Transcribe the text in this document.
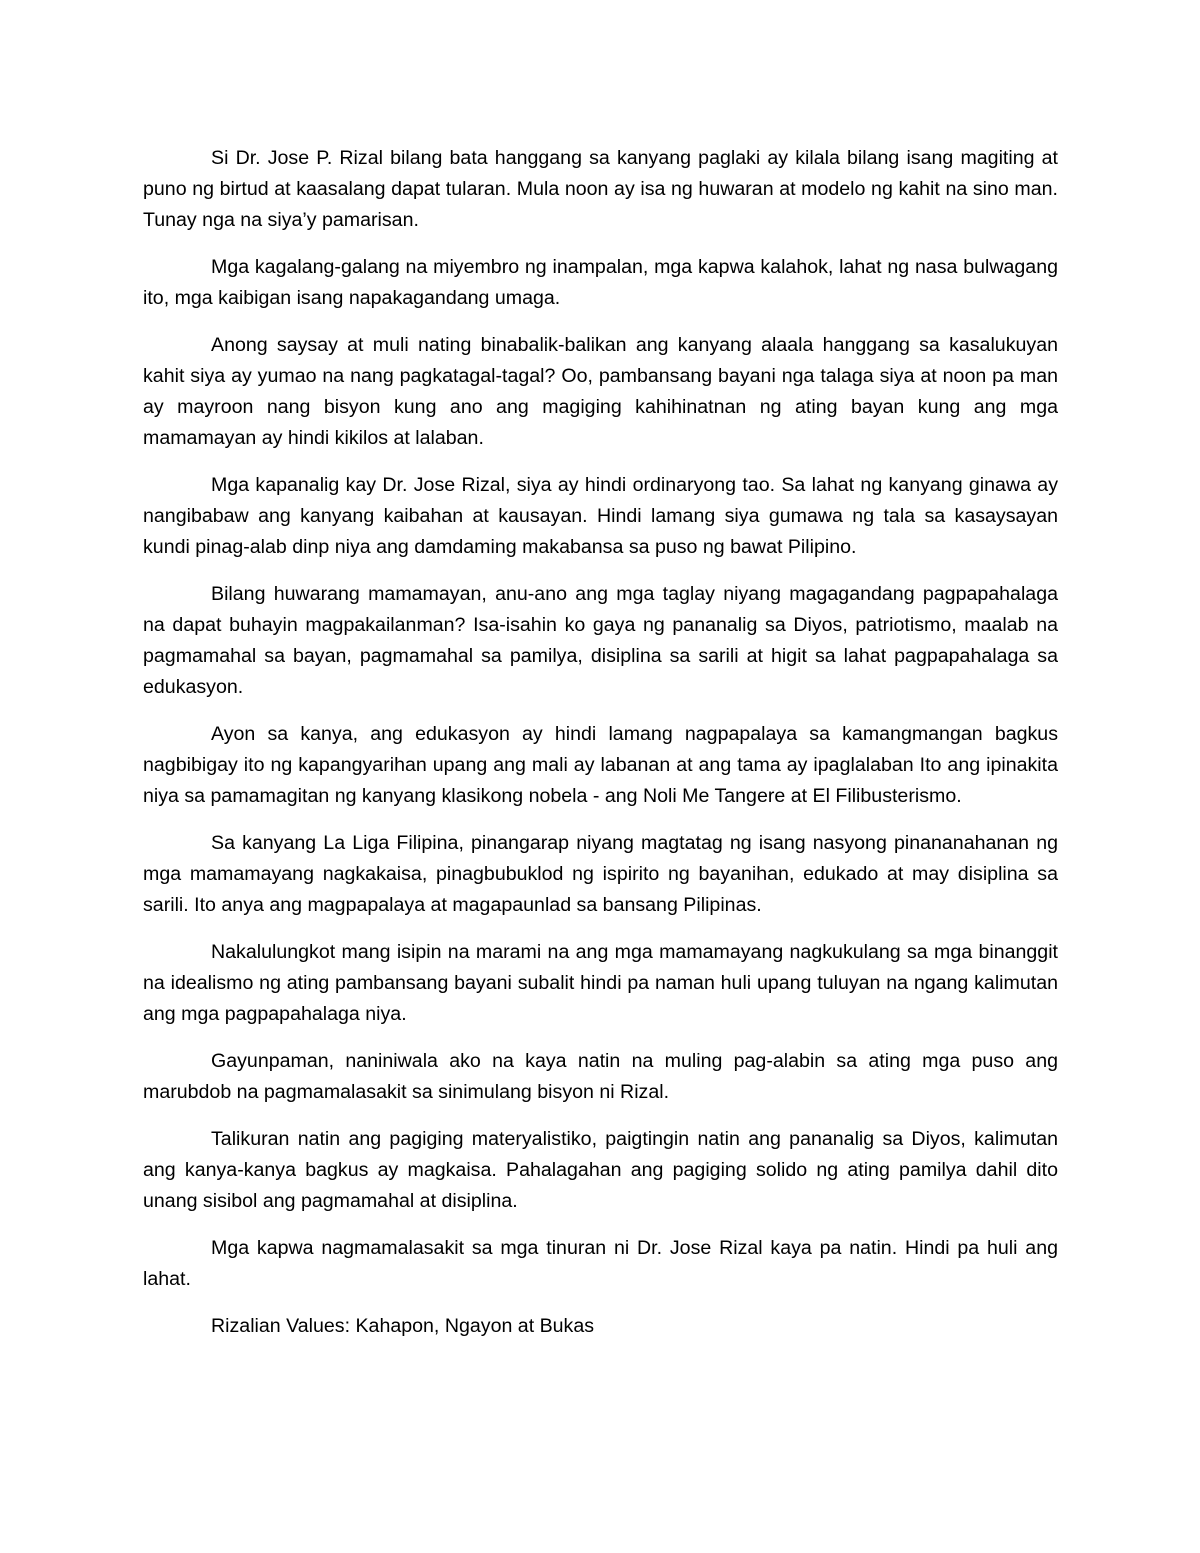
Si Dr. Jose P. Rizal bilang bata hanggang sa kanyang paglaki ay kilala bilang isang magiting at puno ng birtud at kaasalang dapat tularan. Mula noon ay isa ng huwaran at modelo ng kahit na sino man. Tunay nga na siya’y pamarisan.

Mga kagalang-galang na miyembro ng inampalan, mga kapwa kalahok, lahat ng nasa bulwagang ito, mga kaibigan isang napakagandang umaga.

Anong saysay at muli nating binabalik-balikan ang kanyang alaala hanggang sa kasalukuyan kahit siya ay yumao na nang pagkatagal-tagal? Oo, pambansang bayani nga talaga siya at noon pa man ay mayroon nang bisyon kung ano ang magiging kahihinatnan ng ating bayan kung ang mga mamamayan ay hindi kikilos at lalaban.

Mga kapanalig kay Dr. Jose Rizal, siya ay hindi ordinaryong tao. Sa lahat ng kanyang ginawa ay nangibabaw ang kanyang kaibahan at kausayan. Hindi lamang siya gumawa ng tala sa kasaysayan kundi pinag-alab dinp niya ang damdaming makabansa sa puso ng bawat Pilipino.

Bilang huwarang mamamayan, anu-ano ang mga taglay niyang magagandang pagpapahalaga na dapat buhayin magpakailanman? Isa-isahin ko gaya ng pananalig sa Diyos, patriotismo, maalab na pagmamahal sa bayan, pagmamahal sa pamilya, disiplina sa sarili at higit sa lahat pagpapahalaga sa edukasyon.

Ayon sa kanya, ang edukasyon ay hindi lamang nagpapalaya sa kamangmangan bagkus nagbibigay ito ng kapangyarihan upang ang mali ay labanan at ang tama ay ipaglalaban Ito ang ipinakita niya sa pamamagitan ng kanyang klasikong nobela - ang Noli Me Tangere at El Filibusterismo.

Sa kanyang La Liga Filipina, pinangarap niyang magtatag ng isang nasyong pinananahanan ng mga mamamayang nagkakaisa, pinagbubuklod ng ispirito ng bayanihan, edukado at may disiplina sa sarili. Ito anya ang magpapalaya at magapaunlad sa bansang Pilipinas.

Nakalulungkot mang isipin na marami na ang mga mamamayang nagkukulang sa mga binanggit na idealismo ng ating pambansang bayani subalit hindi pa naman huli upang tuluyan na ngang kalimutan ang mga pagpapahalaga niya.

Gayunpaman, naniniwala ako na kaya natin na muling pag-alabin sa ating mga puso ang marubdob na pagmamalasakit sa sinimulang bisyon ni Rizal.

Talikuran natin ang pagiging materyalistiko, paigtingin natin ang pananalig sa Diyos, kalimutan ang kanya-kanya bagkus ay magkaisa. Pahalagahan ang pagiging solido ng ating pamilya dahil dito unang sisibol ang pagmamahal at disiplina.

Mga kapwa nagmamalasakit sa mga tinuran ni Dr. Jose Rizal kaya pa natin. Hindi pa huli ang lahat.

Rizalian Values: Kahapon, Ngayon at Bukas
